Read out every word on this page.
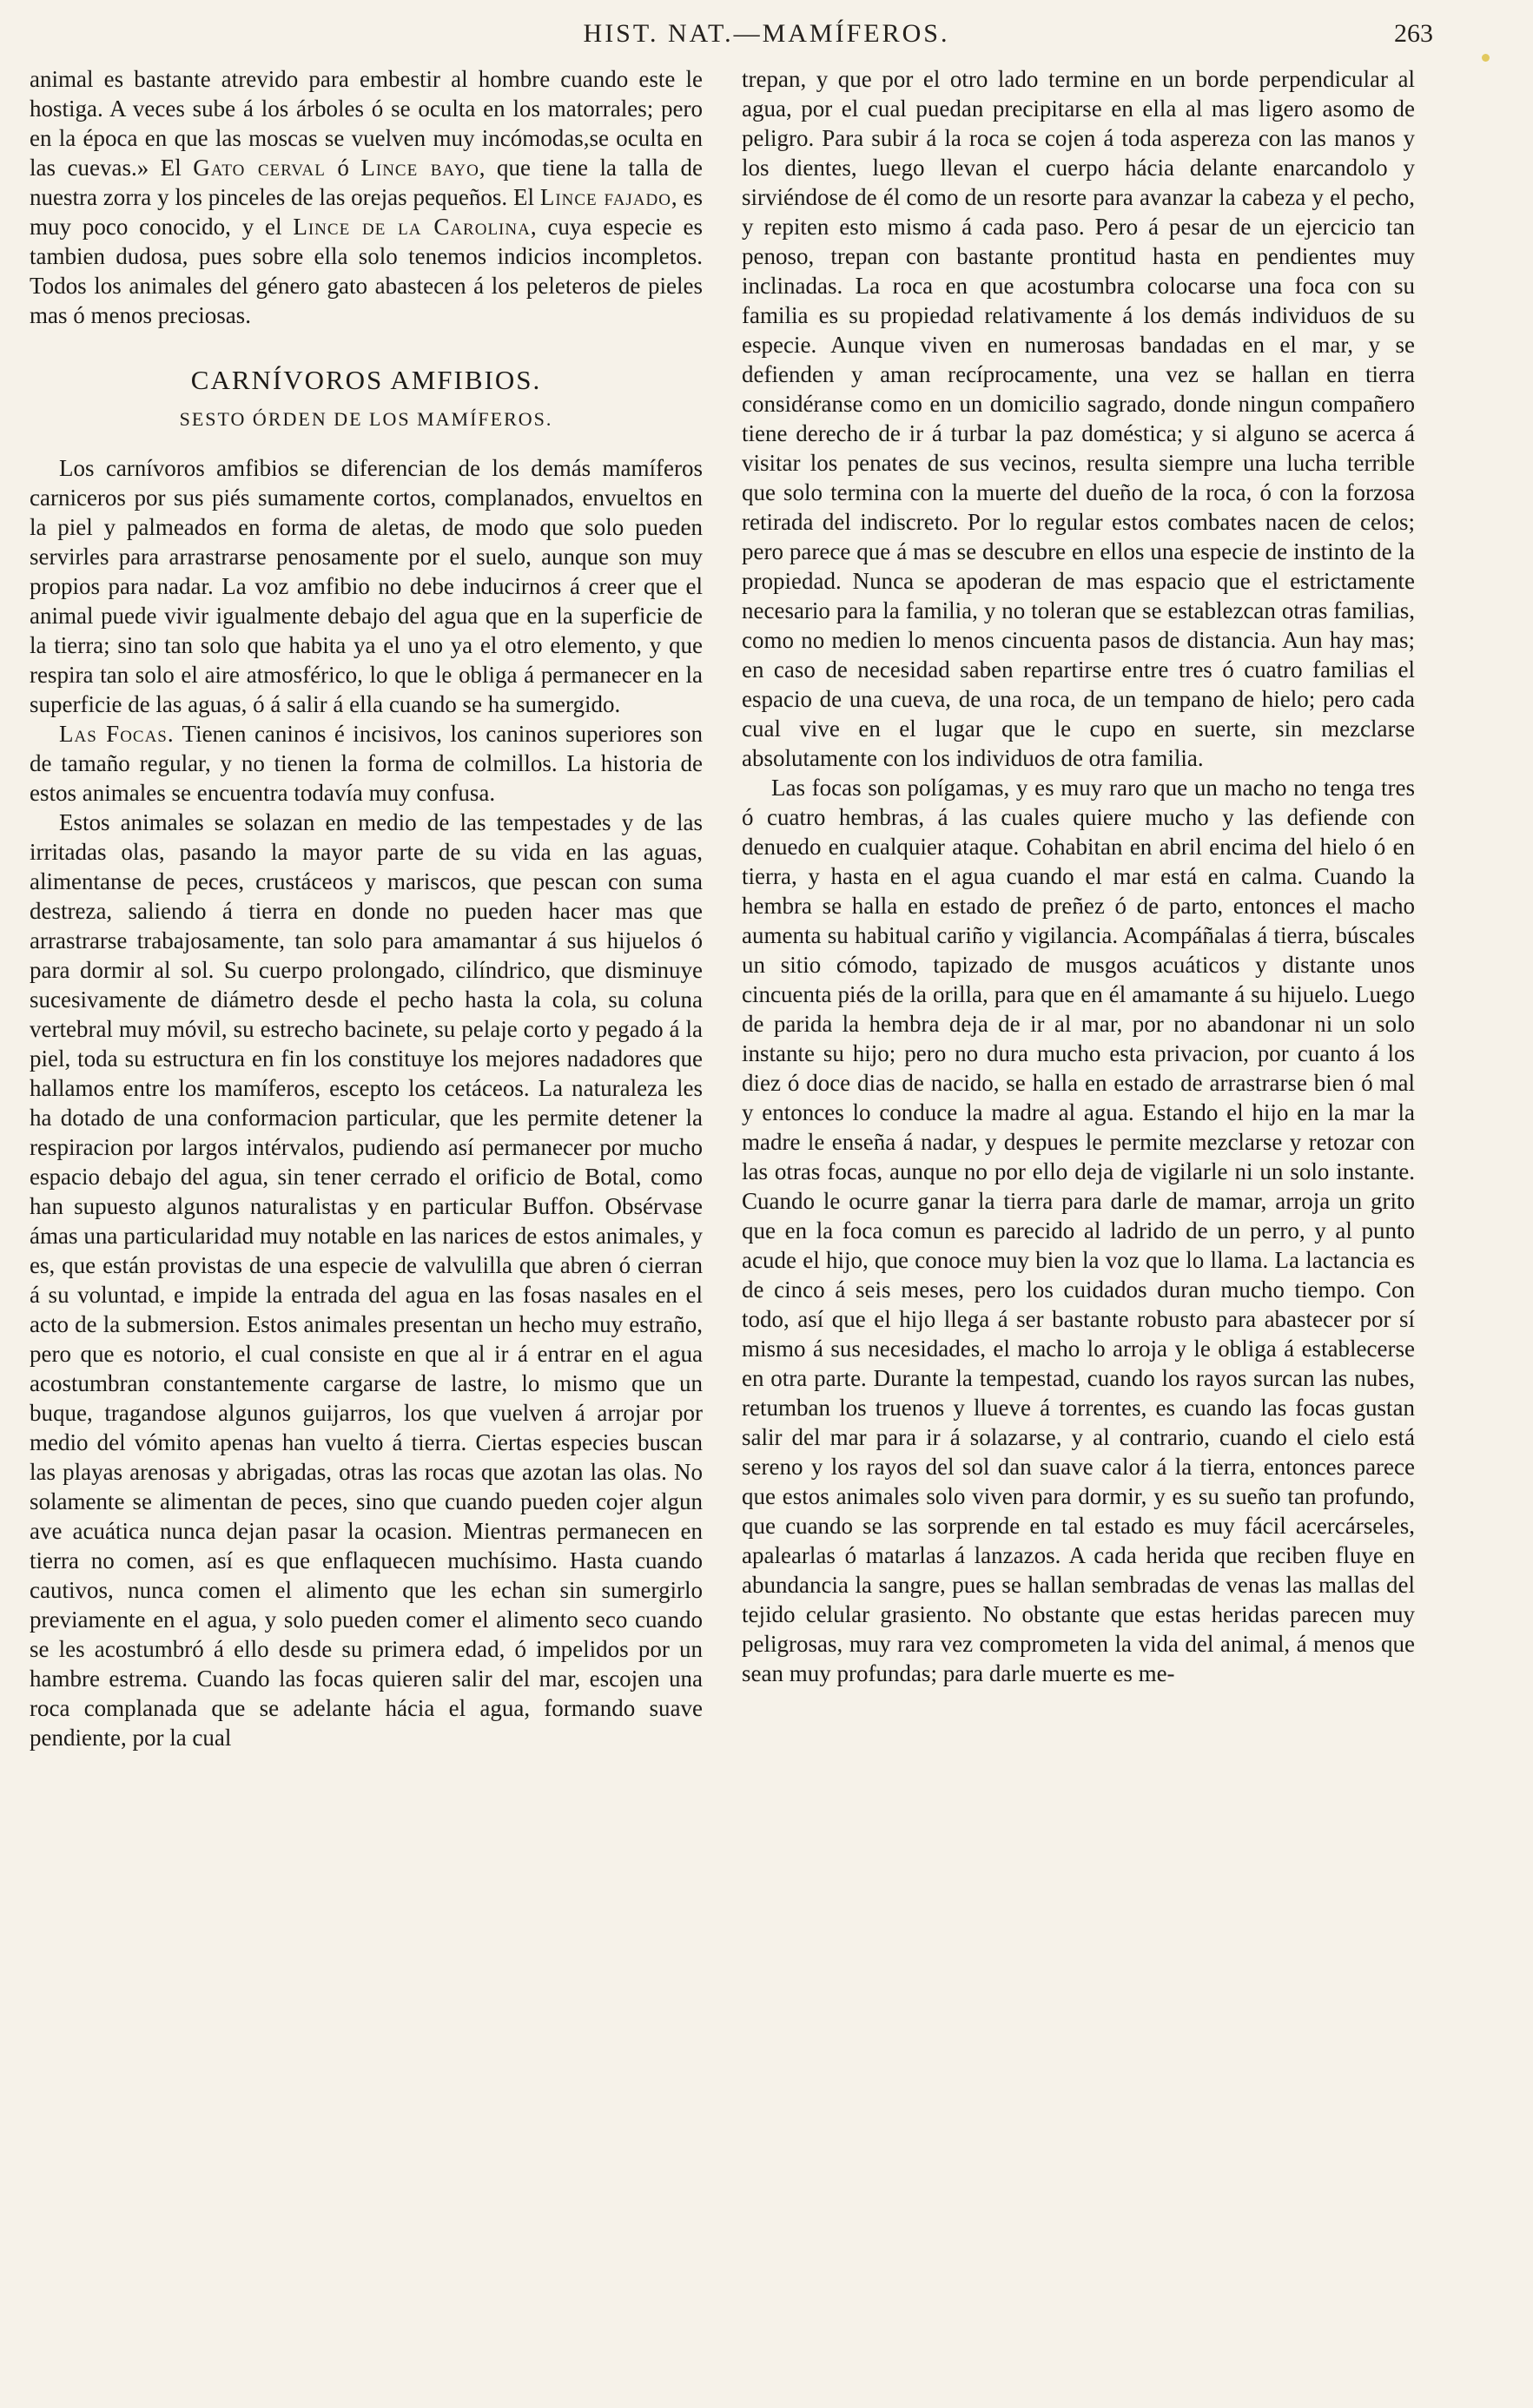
HIST. NAT.—MAMÍFEROS.	263

animal es bastante atrevido para embestir al hombre cuando este le hostiga. A veces sube á los árboles ó se oculta en los matorrales; pero en la época en que las moscas se vuelven muy incómodas,se oculta en las cuevas.» El Gato cerval ó Lince bayo, que tiene la talla de nuestra zorra y los pinceles de las orejas pequeños. El Lince fajado, es muy poco conocido, y el Lince de la Carolina, cuya especie es tambien dudosa, pues sobre ella solo tenemos indicios incompletos. Todos los animales del género gato abastecen á los peleteros de pieles mas ó menos preciosas.

CARNÍVOROS AMFIBIOS.
SESTO ÓRDEN DE LOS MAMÍFEROS.

Los carnívoros amfibios se diferencian de los demás mamíferos carniceros por sus piés sumamente cortos, complanados, envueltos en la piel y palmeados en forma de aletas, de modo que solo pueden servirles para arrastrarse penosamente por el suelo, aunque son muy propios para nadar. La voz amfibio no debe inducirnos á creer que el animal puede vivir igualmente debajo del agua que en la superficie de la tierra; sino tan solo que habita ya el uno ya el otro elemento, y que respira tan solo el aire atmosférico, lo que le obliga á permanecer en la superficie de las aguas, ó á salir á ella cuando se ha sumergido.

Las Focas. Tienen caninos é incisivos, los caninos superiores son de tamaño regular, y no tienen la forma de colmillos. La historia de estos animales se encuentra todavía muy confusa.

Estos animales se solazan en medio de las tempestades y de las irritadas olas, pasando la mayor parte de su vida en las aguas, alimentanse de peces, crustáceos y mariscos, que pescan con suma destreza, saliendo á tierra en donde no pueden hacer mas que arrastrarse trabajosamente, tan solo para amamantar á sus hijuelos ó para dormir al sol. Su cuerpo prolongado, cilíndrico, que disminuye sucesivamente de diámetro desde el pecho hasta la cola, su coluna vertebral muy móvil, su estrecho bacinete, su pelaje corto y pegado á la piel, toda su estructura en fin los constituye los mejores nadadores que hallamos entre los mamíferos, escepto los cetáceos. La naturaleza les ha dotado de una conformacion particular, que les permite detener la respiracion por largos intérvalos, pudiendo así permanecer por mucho espacio debajo del agua, sin tener cerrado el orificio de Botal, como han supuesto algunos naturalistas y en particular Buffon. Obsérvase ámas una particularidad muy notable en las narices de estos animales, y es, que están provistas de una especie de valvulilla que abren ó cierran á su voluntad, e impide la entrada del agua en las fosas nasales en el acto de la submersion. Estos animales presentan un hecho muy estraño, pero que es notorio, el cual consiste en que al ir á entrar en el agua acostumbran constantemente cargarse de lastre, lo mismo que un buque, tragandose algunos guijarros, los que vuelven á arrojar por medio del vómito apenas han vuelto á tierra. Ciertas especies buscan las playas arenosas y abrigadas, otras las rocas que azotan las olas. No solamente se alimentan de peces, sino que cuando pueden cojer algun ave acuática nunca dejan pasar la ocasion. Mientras permanecen en tierra no comen, así es que enflaquecen muchísimo. Hasta cuando cautivos, nunca comen el alimento que les echan sin sumergirlo previamente en el agua, y solo pueden comer el alimento seco cuando se les acostumbró á ello desde su primera edad, ó impelidos por un hambre estrema. Cuando las focas quieren salir del mar, escojen una roca complanada que se adelante hácia el agua, formando suave pendiente, por la cual

trepan, y que por el otro lado termine en un borde perpendicular al agua, por el cual puedan precipitarse en ella al mas ligero asomo de peligro. Para subir á la roca se cojen á toda aspereza con las manos y los dientes, luego llevan el cuerpo hácia delante enarcandolo y sirviéndose de él como de un resorte para avanzar la cabeza y el pecho, y repiten esto mismo á cada paso. Pero á pesar de un ejercicio tan penoso, trepan con bastante prontitud hasta en pendientes muy inclinadas. La roca en que acostumbra colocarse una foca con su familia es su propiedad relativamente á los demás individuos de su especie. Aunque viven en numerosas bandadas en el mar, y se defienden y aman recíprocamente, una vez se hallan en tierra considéranse como en un domicilio sagrado, donde ningun compañero tiene derecho de ir á turbar la paz doméstica; y si alguno se acerca á visitar los penates de sus vecinos, resulta siempre una lucha terrible que solo termina con la muerte del dueño de la roca, ó con la forzosa retirada del indiscreto. Por lo regular estos combates nacen de celos; pero parece que á mas se descubre en ellos una especie de instinto de la propiedad. Nunca se apoderan de mas espacio que el estrictamente necesario para la familia, y no toleran que se establezcan otras familias, como no medien lo menos cincuenta pasos de distancia. Aun hay mas; en caso de necesidad saben repartirse entre tres ó cuatro familias el espacio de una cueva, de una roca, de un tempano de hielo; pero cada cual vive en el lugar que le cupo en suerte, sin mezclarse absolutamente con los individuos de otra familia.

Las focas son polígamas, y es muy raro que un macho no tenga tres ó cuatro hembras, á las cuales quiere mucho y las defiende con denuedo en cualquier ataque. Cohabitan en abril encima del hielo ó en tierra, y hasta en el agua cuando el mar está en calma. Cuando la hembra se halla en estado de preñez ó de parto, entonces el macho aumenta su habitual cariño y vigilancia. Acompáñalas á tierra, búscales un sitio cómodo, tapizado de musgos acuáticos y distante unos cincuenta piés de la orilla, para que en él amamante á su hijuelo. Luego de parida la hembra deja de ir al mar, por no abandonar ni un solo instante su hijo; pero no dura mucho esta privacion, por cuanto á los diez ó doce dias de nacido, se halla en estado de arrastrarse bien ó mal y entonces lo conduce la madre al agua. Estando el hijo en la mar la madre le enseña á nadar, y despues le permite mezclarse y retozar con las otras focas, aunque no por ello deja de vigilarle ni un solo instante. Cuando le ocurre ganar la tierra para darle de mamar, arroja un grito que en la foca comun es parecido al ladrido de un perro, y al punto acude el hijo, que conoce muy bien la voz que lo llama. La lactancia es de cinco á seis meses, pero los cuidados duran mucho tiempo. Con todo, así que el hijo llega á ser bastante robusto para abastecer por sí mismo á sus necesidades, el macho lo arroja y le obliga á establecerse en otra parte. Durante la tempestad, cuando los rayos surcan las nubes, retumban los truenos y llueve á torrentes, es cuando las focas gustan salir del mar para ir á solazarse, y al contrario, cuando el cielo está sereno y los rayos del sol dan suave calor á la tierra, entonces parece que estos animales solo viven para dormir, y es su sueño tan profundo, que cuando se las sorprende en tal estado es muy fácil acercárseles, apalearlas ó matarlas á lanzazos. A cada herida que reciben fluye en abundancia la sangre, pues se hallan sembradas de venas las mallas del tejido celular grasiento. No obstante que estas heridas parecen muy peligrosas, muy rara vez comprometen la vida del animal, á menos que sean muy profundas; para darle muerte es me-
